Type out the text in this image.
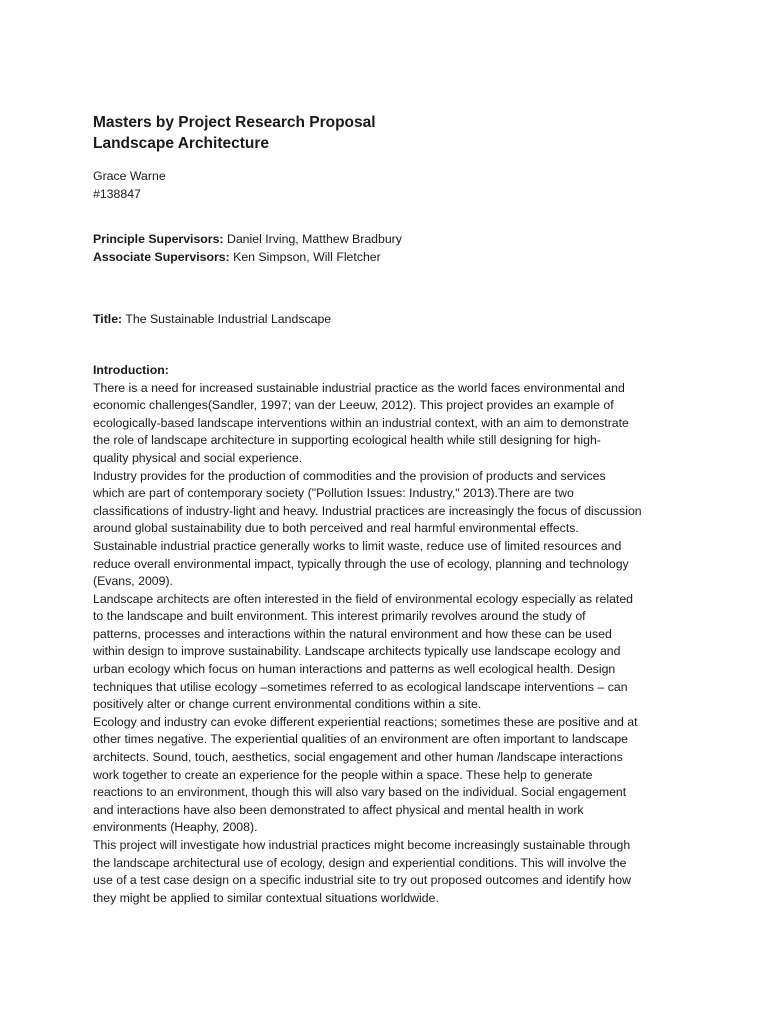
Masters by Project Research Proposal
Landscape Architecture
Grace Warne
#138847
Principle Supervisors: Daniel Irving, Matthew Bradbury
Associate Supervisors: Ken Simpson, Will Fletcher
Title: The Sustainable Industrial Landscape
Introduction:

There is a need for increased sustainable industrial practice as the world faces environmental and
economic challenges(Sandler, 1997; van der Leeuw, 2012). This project provides an example of
ecologically-based landscape interventions within an industrial context, with an aim to demonstrate
the role of landscape architecture in supporting ecological health while still designing for high-
quality physical and social experience.

Industry provides for the production of commodities and the provision of products and services
which are part of contemporary society ("Pollution Issues: Industry," 2013).There are two
classifications of industry-light and heavy. Industrial practices are increasingly the focus of discussion
around global sustainability due to both perceived and real harmful environmental effects.
Sustainable industrial practice generally works to limit waste, reduce use of limited resources and
reduce overall environmental impact, typically through the use of ecology, planning and technology
(Evans, 2009).

Landscape architects are often interested in the field of environmental ecology especially as related
to the landscape and built environment. This interest primarily revolves around the study of
patterns, processes and interactions within the natural environment and how these can be used
within design to improve sustainability. Landscape architects typically use landscape ecology and
urban ecology which focus on human interactions and patterns as well ecological health. Design
techniques that utilise ecology –sometimes referred to as ecological landscape interventions – can
positively alter or change current environmental conditions within a site.

Ecology and industry can evoke different experiential reactions; sometimes these are positive and at
other times negative. The experiential qualities of an environment are often important to landscape
architects. Sound, touch, aesthetics, social engagement and other human /landscape interactions
work together to create an experience for the people within a space. These help to generate
reactions to an environment, though this will also vary based on the individual. Social engagement
and interactions have also been demonstrated to affect physical and mental health in work
environments (Heaphy, 2008).

This project will investigate how industrial practices might become increasingly sustainable through
the landscape architectural use of ecology, design and experiential conditions. This will involve the
use of a test case design on a specific industrial site to try out proposed outcomes and identify how
they might be applied to similar contextual situations worldwide.
